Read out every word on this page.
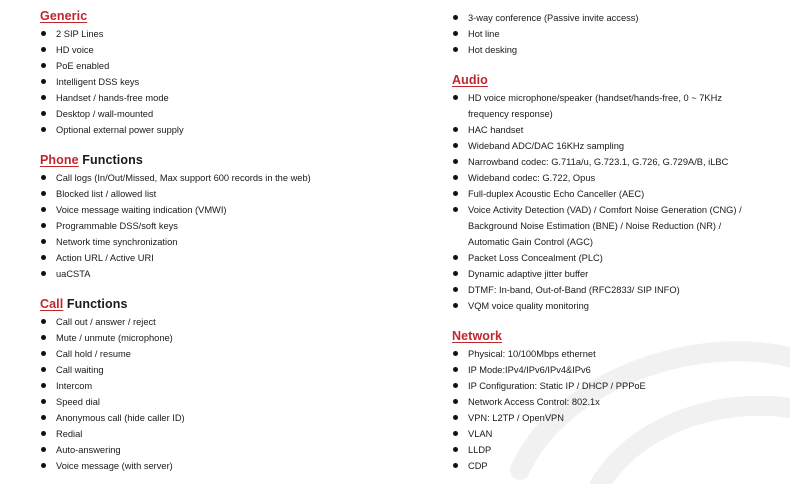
Generic
2 SIP Lines
HD voice
PoE enabled
Intelligent DSS keys
Handset / hands-free mode
Desktop / wall-mounted
Optional external power supply
Phone Functions
Call logs (In/Out/Missed, Max support 600 records in the web)
Blocked list / allowed list
Voice message waiting indication (VMWI)
Programmable DSS/soft keys
Network time synchronization
Action URL / Active URI
uaCSTA
Call Functions
Call out / answer / reject
Mute / unmute (microphone)
Call hold / resume
Call waiting
Intercom
Speed dial
Anonymous call (hide caller ID)
Redial
Auto-answering
Voice message (with server)
3-way conference (Passive invite access)
Hot line
Hot desking
Audio
HD voice microphone/speaker (handset/hands-free, 0 ~ 7KHz frequency response)
HAC handset
Wideband ADC/DAC 16KHz sampling
Narrowband codec: G.711a/u, G.723.1, G.726, G.729A/B, iLBC
Wideband codec: G.722, Opus
Full-duplex Acoustic Echo Canceller (AEC)
Voice Activity Detection (VAD) / Comfort Noise Generation (CNG) / Background Noise Estimation (BNE) / Noise Reduction (NR) / Automatic Gain Control (AGC)
Packet Loss Concealment (PLC)
Dynamic adaptive jitter buffer
DTMF: In-band, Out-of-Band (RFC2833/ SIP INFO)
VQM voice quality monitoring
Network
Physical: 10/100Mbps ethernet
IP Mode:IPv4/IPv6/IPv4&IPv6
IP Configuration: Static IP / DHCP / PPPoE
Network Access Control: 802.1x
VPN: L2TP / OpenVPN
VLAN
LLDP
CDP
